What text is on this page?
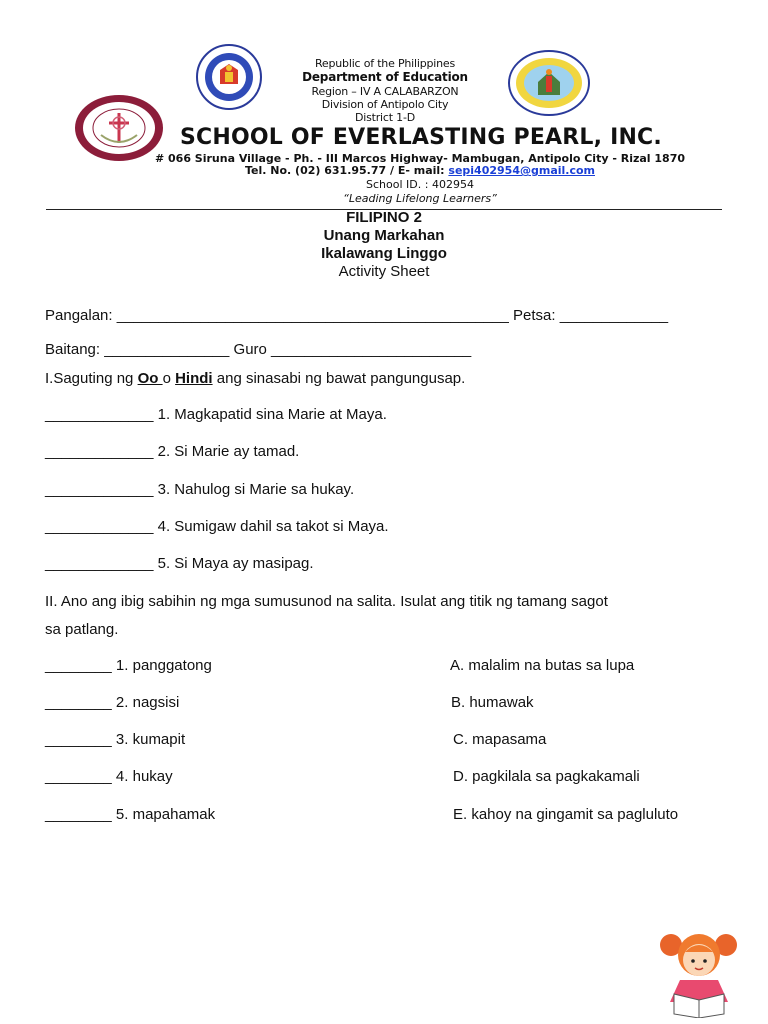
Republic of the Philippines
Department of Education
Region – IV A CALABARZON
Division of Antipolo City
District 1-D
SCHOOL OF EVERLASTING PEARL, INC.
# 066 Siruna Village - Ph. - III Marcos Highway- Mambugan, Antipolo City - Rizal 1870
Tel. No. (02) 631.95.77 / E- mail: sepi402954@gmail.com
School ID. : 402954
“Leading Lifelong Learners”
FILIPINO 2
Unang Markahan
Ikalawang Linggo
Activity Sheet
Pangalan: _______________________________________________ Petsa: _____________
Baitang: _______________ Guro ________________________
I.Saguting ng Oo o Hindi ang sinasabi ng bawat pangungusap.
_____________ 1. Magkapatid sina Marie at Maya.
_____________ 2. Si Marie ay tamad.
_____________ 3. Nahulog si Marie sa hukay.
_____________ 4. Sumigaw dahil sa takot si Maya.
_____________ 5. Si Maya ay masipag.
II. Ano ang ibig sabihin ng mga sumusunod na salita. Isulat ang titik ng tamang sagot
sa patlang.
________ 1. panggatong	A. malalim na butas sa lupa
________ 2. nagsisi	B. humawak
________ 3. kumapit	C. mapasama
________ 4. hukay	D. pagkilala sa pagkakamali
________ 5. mapahamak	E. kahoy na gingamit sa pagluluto
